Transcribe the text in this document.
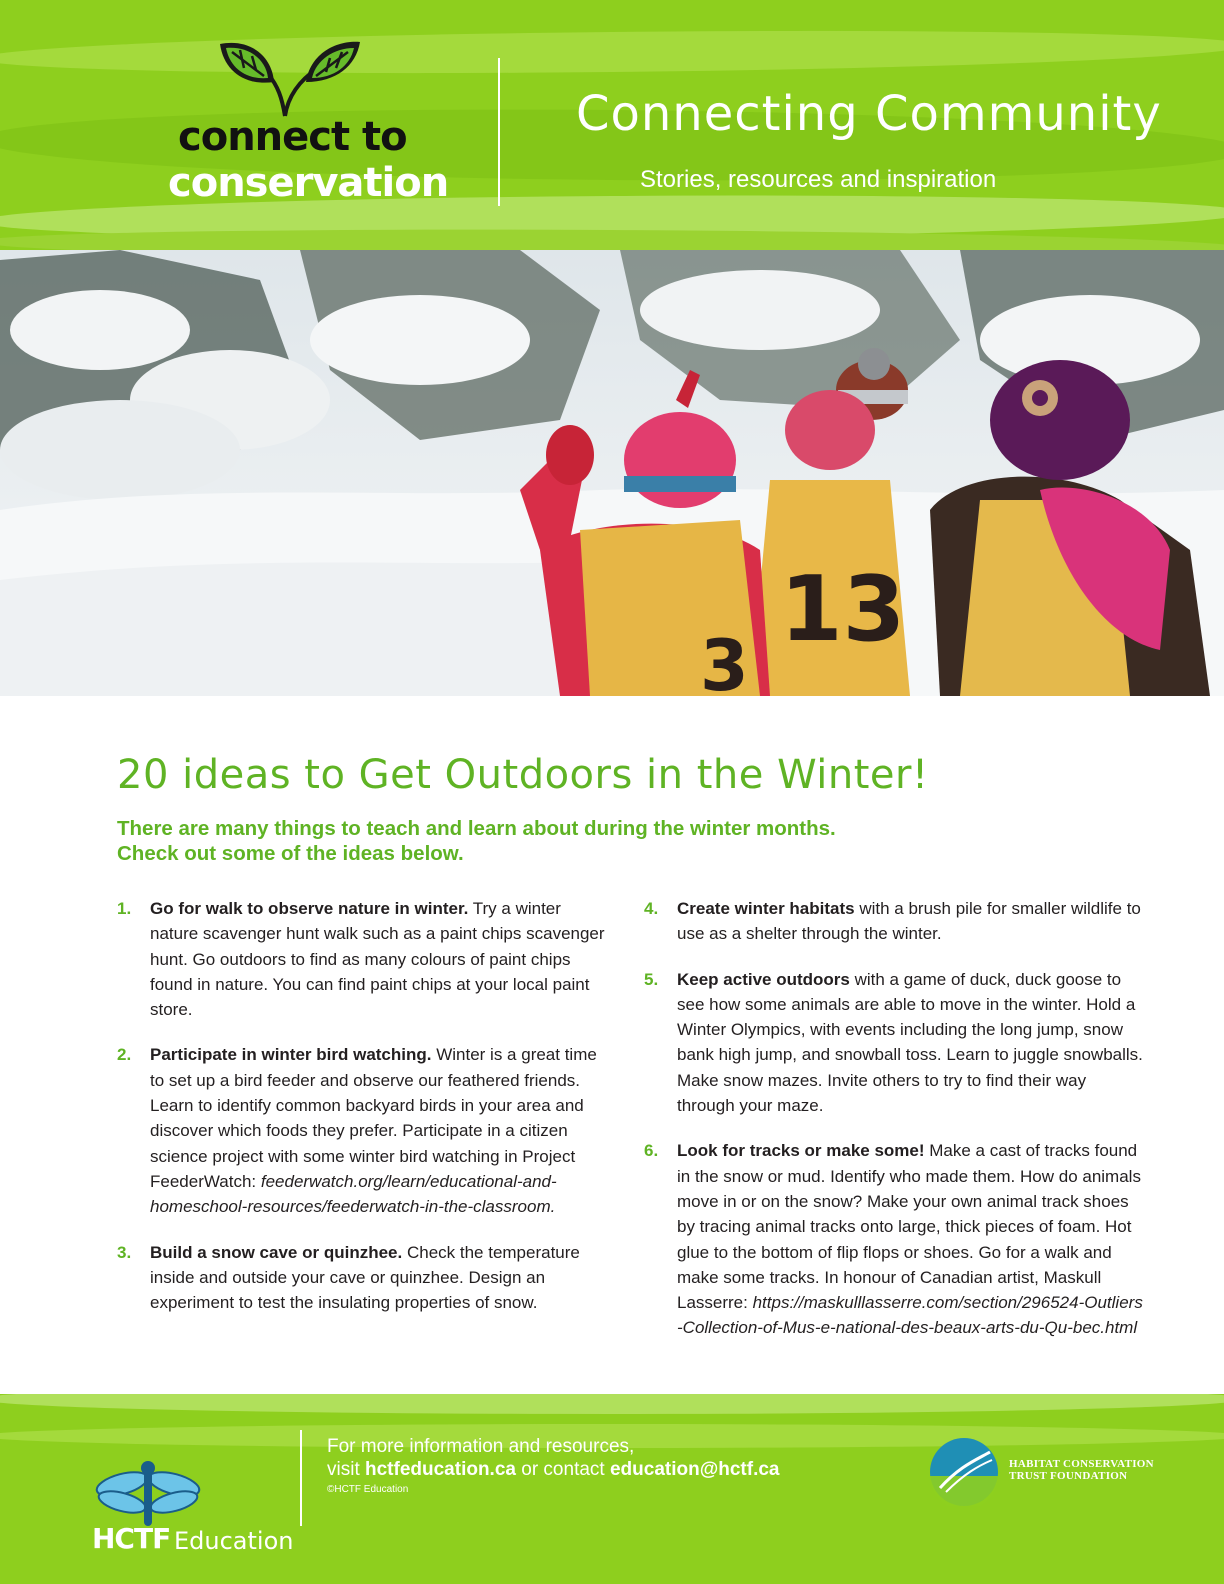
connect to
conservation
Connecting Community
Stories, resources and inspiration
13
3
20 ideas to Get Outdoors in the Winter!
There are many things to teach and learn about during the winter months.
Check out some of the ideas below.
1. Go for walk to observe nature in winter. Try a winter nature scavenger hunt walk such as a paint chips scavenger hunt. Go outdoors to find as many colours of paint chips found in nature. You can find paint chips at your local paint store.
2. Participate in winter bird watching. Winter is a great time to set up a bird feeder and observe our feathered friends. Learn to identify common backyard birds in your area and discover which foods they prefer. Participate in a citizen science project with some winter bird watching in Project FeederWatch: feederwatch.org/learn/educational-and-homeschool-resources/feederwatch-in-the-classroom.
3. Build a snow cave or quinzhee. Check the temperature inside and outside your cave or quinzhee. Design an experiment to test the insulating properties of snow.
4. Create winter habitats with a brush pile for smaller wildlife to use as a shelter through the winter.
5. Keep active outdoors with a game of duck, duck goose to see how some animals are able to move in the winter. Hold a Winter Olympics, with events including the long jump, snow bank high jump, and snowball toss. Learn to juggle snowballs. Make snow mazes. Invite others to try to find their way through your maze.
6. Look for tracks or make some! Make a cast of tracks found in the snow or mud. Identify who made them. How do animals move in or on the snow? Make your own animal track shoes by tracing animal tracks onto large, thick pieces of foam. Hot glue to the bottom of flip flops or shoes. Go for a walk and make some tracks. In honour of Canadian artist, Maskull Lasserre: https://maskulllasserre.com/section/296524-Outliers-Collection-of-Mus-e-national-des-beaux-arts-du-Qu-bec.html
HCTF Education
For more information and resources,
visit hctfeducation.ca or contact education@hctf.ca
©HCTF Education
HABITAT CONSERVATION
TRUST FOUNDATION
